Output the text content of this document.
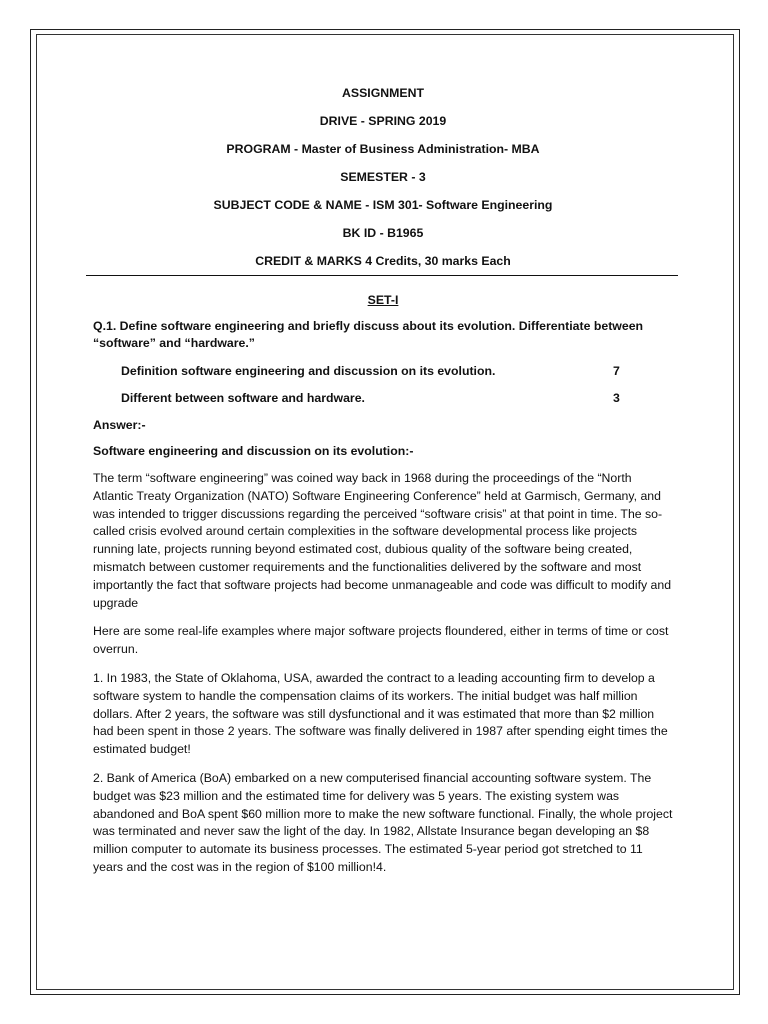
ASSIGNMENT

DRIVE - SPRING 2019

PROGRAM - Master of Business Administration- MBA

SEMESTER - 3

SUBJECT CODE & NAME - ISM 301- Software Engineering

BK ID - B1965

CREDIT & MARKS 4 Credits, 30 marks Each

SET-I

Q.1. Define software engineering and briefly discuss about its evolution. Differentiate between “software” and “hardware.”

Definition software engineering and discussion on its evolution.	7
Different between software and hardware.	3

Answer:-

Software engineering and discussion on its evolution:-

The term “software engineering” was coined way back in 1968 during the proceedings of the “North Atlantic Treaty Organization (NATO) Software Engineering Conference” held at Garmisch, Germany, and was intended to trigger discussions regarding the perceived “software crisis” at that point in time. The so-called crisis evolved around certain complexities in the software developmental process like projects running late, projects running beyond estimated cost, dubious quality of the software being created, mismatch between customer requirements and the functionalities delivered by the software and most importantly the fact that software projects had become unmanageable and code was difficult to modify and upgrade

Here are some real-life examples where major software projects floundered, either in terms of time or cost overrun.

1. In 1983, the State of Oklahoma, USA, awarded the contract to a leading accounting firm to develop a software system to handle the compensation claims of its workers. The initial budget was half million dollars. After 2 years, the software was still dysfunctional and it was estimated that more than $2 million had been spent in those 2 years. The software was finally delivered in 1987 after spending eight times the estimated budget!

2. Bank of America (BoA) embarked on a new computerised financial accounting software system. The budget was $23 million and the estimated time for delivery was 5 years. The existing system was abandoned and BoA spent $60 million more to make the new software functional. Finally, the whole project was terminated and never saw the light of the day. In 1982, Allstate Insurance began developing an $8 million computer to automate its business processes. The estimated 5-year period got stretched to 11 years and the cost was in the region of $100 million!4.
